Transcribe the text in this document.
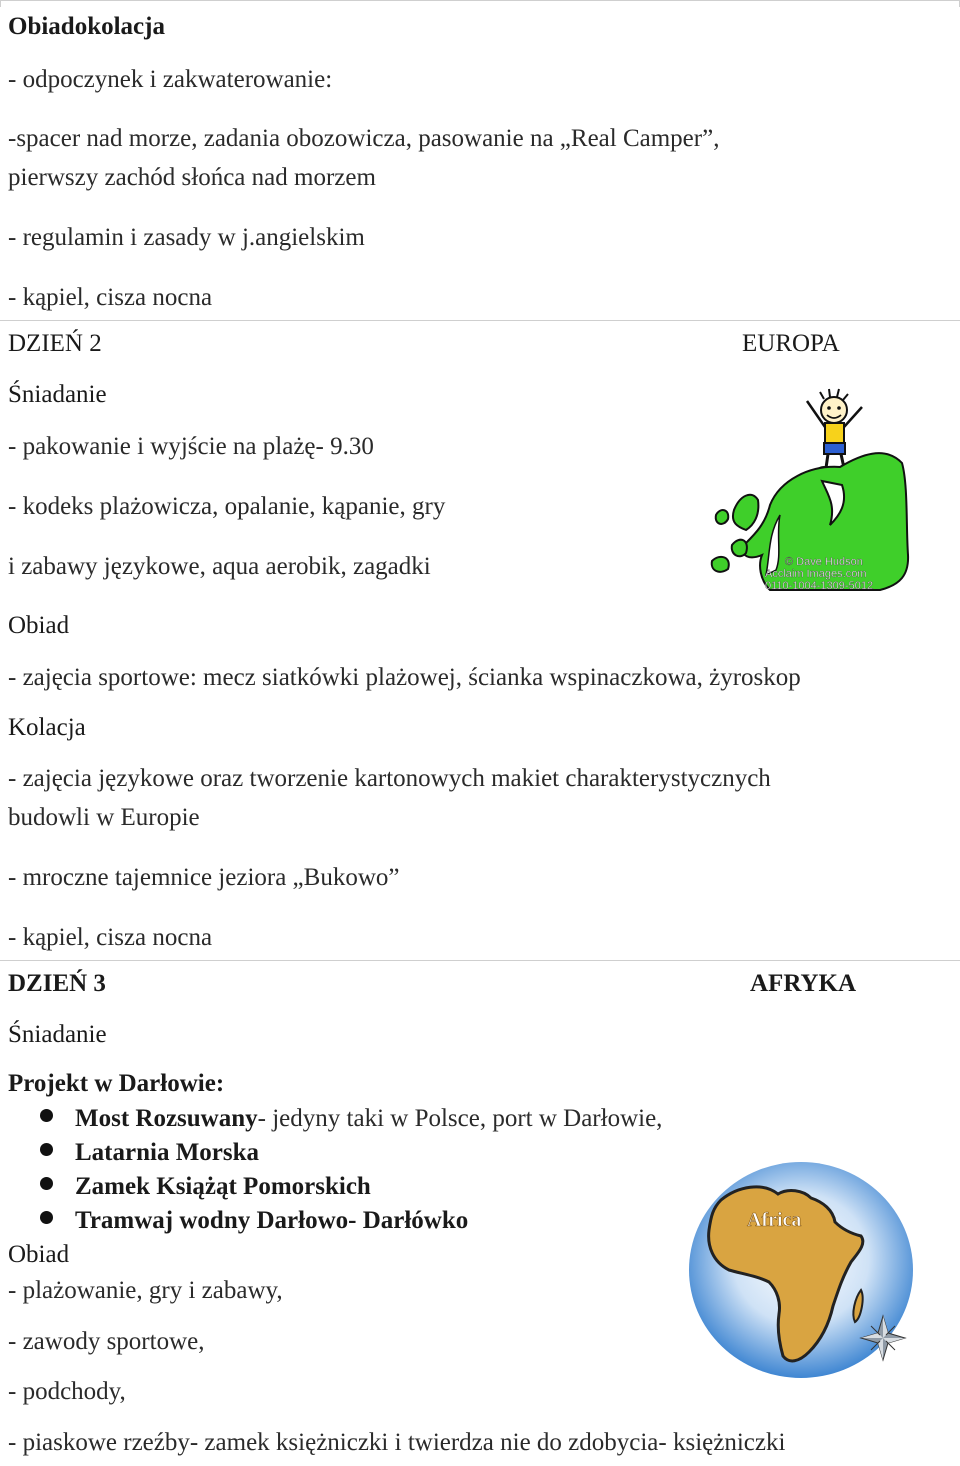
Obiadokolacja
- odpoczynek i zakwaterowanie:
-spacer nad morze, zadania obozowicza, pasowanie na „Real Camper”,
pierwszy zachód słońca nad morzem
- regulamin i zasady w j.angielskim
- kąpiel, cisza nocna
DZIEŃ 2	EUROPA
Śniadanie
- pakowanie i wyjście na plażę- 9.30
- kodeks plażowicza, opalanie, kąpanie, gry
i zabawy językowe, aqua aerobik, zagadki
Obiad
- zajęcia sportowe: mecz siatkówki plażowej, ścianka wspinaczkowa, żyroskop
Kolacja
- zajęcia językowe oraz tworzenie kartonowych makiet charakterystycznych
budowli w Europie
- mroczne tajemnice jeziora „Bukowo”
- kąpiel, cisza nocna
© Dave Hudson
Acclaim Images.com
0110-1004-1309-5012
DZIEŃ 3	AFRYKA
Śniadanie
Projekt w Darłowie:
Most Rozsuwany- jedyny taki w Polsce, port w Darłowie,
Latarnia Morska
Zamek Książąt Pomorskich
Tramwaj wodny Darłowo- Darłówko
Obiad
- plażowanie, gry i zabawy,
- zawody sportowe,
- podchody,
- piaskowe rzeźby- zamek księżniczki i twierdza nie do zdobycia- księżniczki
Africa
